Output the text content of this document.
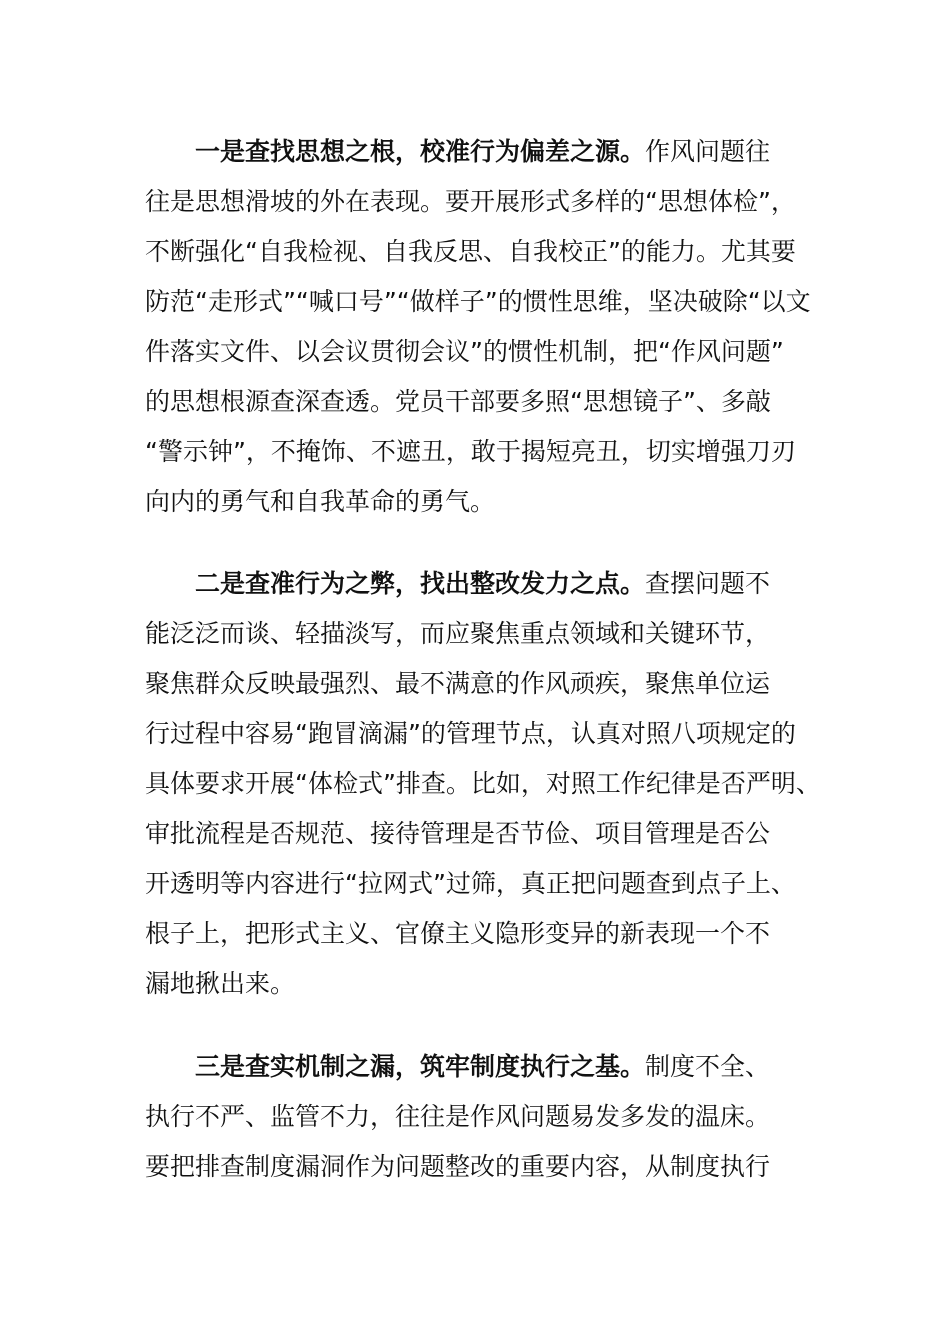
一是查找思想之根，校准行为偏差之源。作风问题往
往是思想滑坡的外在表现。要开展形式多样的“思想体检”，
不断强化“自我检视、自我反思、自我校正”的能力。尤其要
防范“走形式”“喊口号”“做样子”的惯性思维，坚决破除“以文
件落实文件、以会议贯彻会议”的惯性机制，把“作风问题”
的思想根源查深查透。党员干部要多照“思想镜子”、多敲
“警示钟”，不掩饰、不遮丑，敢于揭短亮丑，切实增强刀刃
向内的勇气和自我革命的勇气。
二是查准行为之弊，找出整改发力之点。查摆问题不
能泛泛而谈、轻描淡写，而应聚焦重点领域和关键环节，
聚焦群众反映最强烈、最不满意的作风顽疾，聚焦单位运
行过程中容易“跑冒滴漏”的管理节点，认真对照八项规定的
具体要求开展“体检式”排查。比如，对照工作纪律是否严明、
审批流程是否规范、接待管理是否节俭、项目管理是否公
开透明等内容进行“拉网式”过筛，真正把问题查到点子上、
根子上，把形式主义、官僚主义隐形变异的新表现一个不
漏地揪出来。
三是查实机制之漏，筑牢制度执行之基。制度不全、
执行不严、监管不力，往往是作风问题易发多发的温床。
要把排查制度漏洞作为问题整改的重要内容，从制度执行
